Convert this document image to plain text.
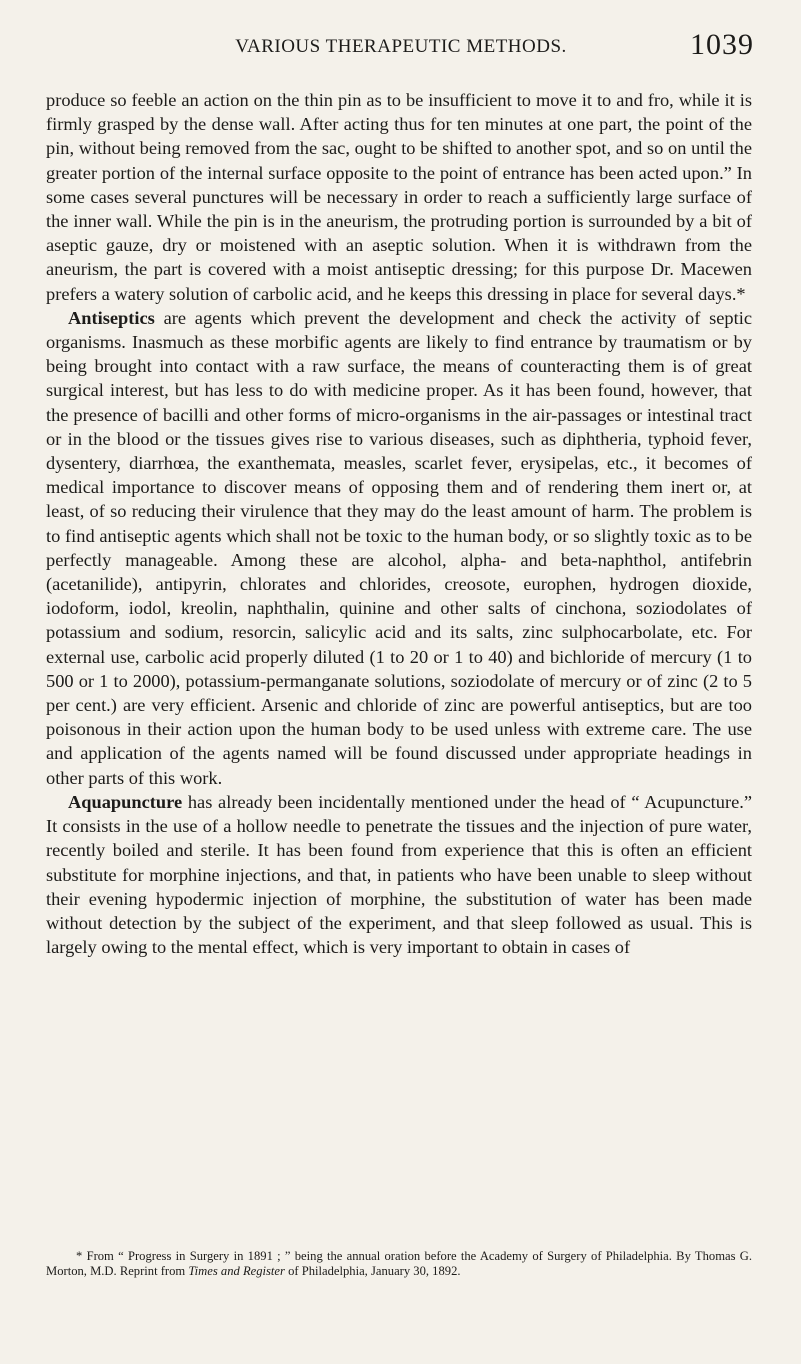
VARIOUS THERAPEUTIC METHODS.	1039

produce so feeble an action on the thin pin as to be insufficient to move it to and fro, while it is firmly grasped by the dense wall. After acting thus for ten minutes at one part, the point of the pin, without being removed from the sac, ought to be shifted to another spot, and so on until the greater portion of the internal surface opposite to the point of entrance has been acted upon.” In some cases several punctures will be necessary in order to reach a sufficiently large surface of the inner wall. While the pin is in the aneurism, the protruding portion is surrounded by a bit of aseptic gauze, dry or moistened with an aseptic solution. When it is withdrawn from the aneurism, the part is covered with a moist antiseptic dressing; for this purpose Dr. Macewen prefers a watery solution of carbolic acid, and he keeps this dressing in place for several days.*

Antiseptics are agents which prevent the development and check the activity of septic organisms. Inasmuch as these morbific agents are likely to find entrance by traumatism or by being brought into contact with a raw surface, the means of counteracting them is of great surgical interest, but has less to do with medicine proper. As it has been found, however, that the presence of bacilli and other forms of micro-organisms in the air-passages or intestinal tract or in the blood or the tissues gives rise to various diseases, such as diphtheria, typhoid fever, dysentery, diarrhœa, the exanthemata, measles, scarlet fever, erysipelas, etc., it becomes of medical importance to discover means of opposing them and of rendering them inert or, at least, of so reducing their virulence that they may do the least amount of harm. The problem is to find antiseptic agents which shall not be toxic to the human body, or so slightly toxic as to be perfectly manageable. Among these are alcohol, alpha- and beta-naphthol, antifebrin (acetanilide), antipyrin, chlorates and chlorides, creosote, europhen, hydrogen dioxide, iodoform, iodol, kreolin, naphthalin, quinine and other salts of cinchona, soziodolates of potassium and sodium, resorcin, salicylic acid and its salts, zinc sulphocarbolate, etc. For external use, carbolic acid properly diluted (1 to 20 or 1 to 40) and bichloride of mercury (1 to 500 or 1 to 2000), potassium-permanganate solutions, soziodolate of mercury or of zinc (2 to 5 per cent.) are very efficient. Arsenic and chloride of zinc are powerful antiseptics, but are too poisonous in their action upon the human body to be used unless with extreme care. The use and application of the agents named will be found discussed under appropriate headings in other parts of this work.

Aquapuncture has already been incidentally mentioned under the head of “ Acupuncture.” It consists in the use of a hollow needle to penetrate the tissues and the injection of pure water, recently boiled and sterile. It has been found from experience that this is often an efficient substitute for morphine injections, and that, in patients who have been unable to sleep without their evening hypodermic injection of morphine, the substitution of water has been made without detection by the subject of the experiment, and that sleep followed as usual. This is largely owing to the mental effect, which is very important to obtain in cases of

* From “ Progress in Surgery in 1891 ; ” being the annual oration before the Academy of Surgery of Philadelphia. By Thomas G. Morton, M.D. Reprint from Times and Register of Philadelphia, January 30, 1892.
